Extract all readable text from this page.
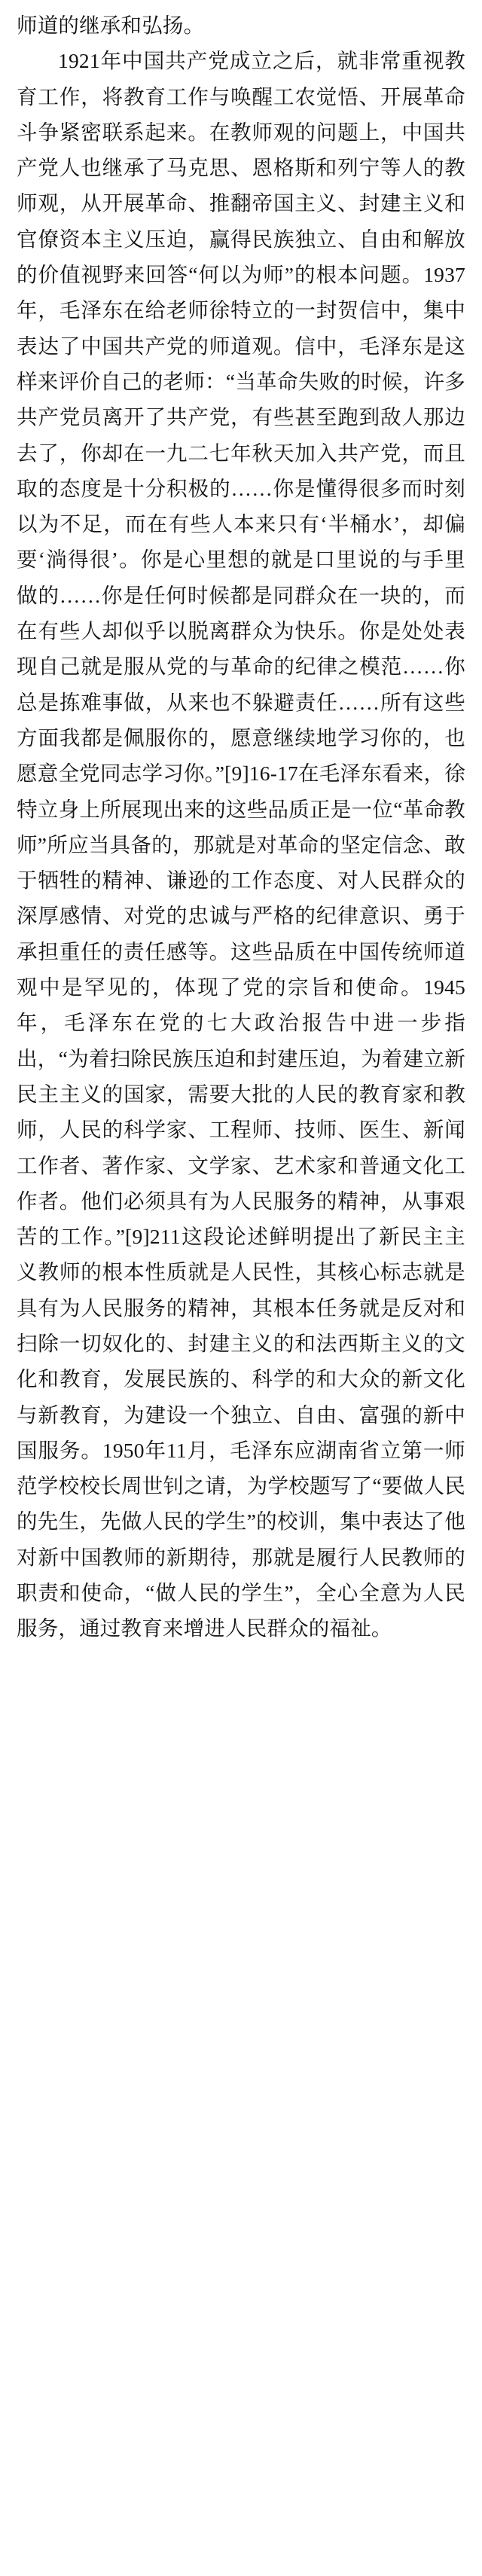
师道的继承和弘扬。

1921年中国共产党成立之后，就非常重视教育工作，将教育工作与唤醒工农觉悟、开展革命斗争紧密联系起来。在教师观的问题上，中国共产党人也继承了马克思、恩格斯和列宁等人的教师观，从开展革命、推翻帝国主义、封建主义和官僚资本主义压迫，赢得民族独立、自由和解放的价值视野来回答“何以为师”的根本问题。1937年，毛泽东在给老师徐特立的一封贺信中，集中表达了中国共产党的师道观。信中，毛泽东是这样来评价自己的老师：“当革命失败的时候，许多共产党员离开了共产党，有些甚至跑到敌人那边去了，你却在一九二七年秋天加入共产党，而且取的态度是十分积极的……你是懂得很多而时刻以为不足，而在有些人本来只有‘半桶水’，却偏要‘淌得很’。你是心里想的就是口里说的与手里做的……你是任何时候都是同群众在一块的，而在有些人却似乎以脱离群众为快乐。你是处处表现自己就是服从党的与革命的纪律之模范……你总是拣难事做，从来也不躲避责任……所有这些方面我都是佩服你的，愿意继续地学习你的，也愿意全党同志学习你。”[9]16-17在毛泽东看来，徐特立身上所展现出来的这些品质正是一位“革命教师”所应当具备的，那就是对革命的坚定信念、敢于牺牲的精神、谦逊的工作态度、对人民群众的深厚感情、对党的忠诚与严格的纪律意识、勇于承担重任的责任感等。这些品质在中国传统师道观中是罕见的，体现了党的宗旨和使命。1945年，毛泽东在党的七大政治报告中进一步指出，“为着扫除民族压迫和封建压迫，为着建立新民主主义的国家，需要大批的人民的教育家和教师，人民的科学家、工程师、技师、医生、新闻工作者、著作家、文学家、艺术家和普通文化工作者。他们必须具有为人民服务的精神，从事艰苦的工作。”[9]211这段论述鲜明提出了新民主主义教师的根本性质就是人民性，其核心标志就是具有为人民服务的精神，其根本任务就是反对和扫除一切奴化的、封建主义的和法西斯主义的文化和教育，发展民族的、科学的和大众的新文化与新教育，为建设一个独立、自由、富强的新中国服务。1950年11月，毛泽东应湖南省立第一师范学校校长周世钊之请，为学校题写了“要做人民的先生，先做人民的学生”的校训，集中表达了他对新中国教师的新期待，那就是履行人民教师的职责和使命，“做人民的学生”，全心全意为人民服务，通过教育来增进人民群众的福祉。
